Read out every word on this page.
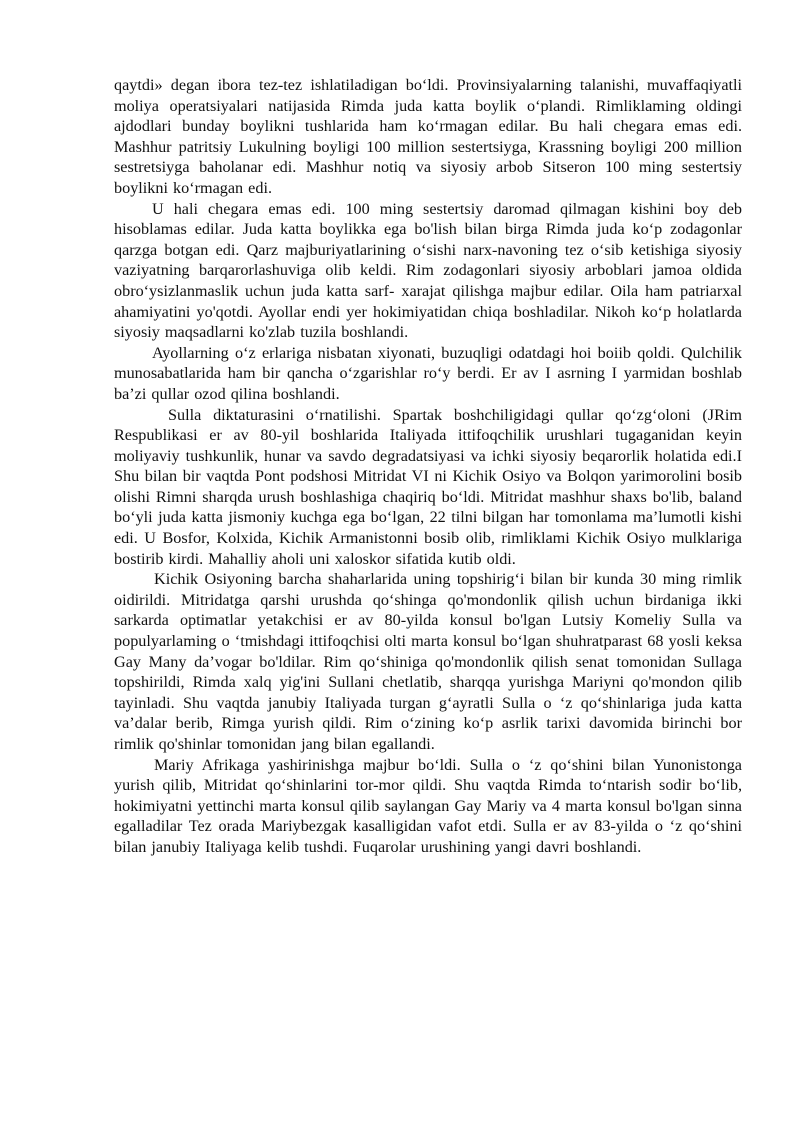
qaytdi» degan ibora tez-tez ishlatiladigan bo‘ldi. Provinsiyalarning talanishi, muvaffaqiyatli moliya operatsiyalari natijasida Rimda juda katta boylik o‘plandi. Rimliklaming oldingi ajdodlari bunday boylikni tushlarida ham ko‘rmagan edilar. Bu hali chegara emas edi. Mashhur patritsiy Lukulning boyligi 100 million sestertsiyga, Krassning boyligi 200 million sestretsiyga baholanar edi. Mashhur notiq va siyosiy arbob Sitseron 100 ming sestertsiy boylikni ko‘rmagan edi.

U hali chegara emas edi. 100 ming sestertsiy daromad qilmagan kishini boy deb hisoblamas edilar. Juda katta boylikka ega bo'lish bilan birga Rimda juda ko‘p zodagonlar qarzga botgan edi. Qarz majburiyatlarining o‘sishi narx-navoning tez o‘sib ketishiga siyosiy vaziyatning barqarorlashuviga olib keldi. Rim zodagonlari siyosiy arboblari jamoa oldida obro‘ysizlanmaslik uchun juda katta sarf- xarajat qilishga majbur edilar. Oila ham patriarxal ahamiyatini yo'qotdi. Ayollar endi yer hokimiyatidan chiqa boshladilar. Nikoh ko‘p holatlarda siyosiy maqsadlarni ko'zlab tuzila boshlandi.

Ayollarning o‘z erlariga nisbatan xiyonati, buzuqligi odatdagi hoi boiib qoldi. Qulchilik munosabatlarida ham bir qancha o‘zgarishlar ro‘y berdi. Er av I asrning I yarmidan boshlab ba’zi qullar ozod qilina boshlandi.

Sulla diktaturasini o‘rnatilishi. Spartak boshchiligidagi qullar qo‘zg‘oloni (JRim Respublikasi er av 80-yil boshlarida Italiyada ittifoqchilik urushlari tugaganidan keyin moliyaviy tushkunlik, hunar va savdo degradatsiyasi va ichki siyosiy beqarorlik holatida edi.I Shu bilan bir vaqtda Pont podshosi Mitridat VI ni Kichik Osiyo va Bolqon yarimorolini bosib olishi Rimni sharqda urush boshlashiga chaqiriq bo‘ldi. Mitridat mashhur shaxs bo'lib, baland bo‘yli juda katta jismoniy kuchga ega bo‘lgan, 22 tilni bilgan har tomonlama ma’lumotli kishi edi. U Bosfor, Kolxida, Kichik Armanistonni bosib olib, rimliklami Kichik Osiyo mulklariga bostirib kirdi. Mahalliy aholi uni xaloskor sifatida kutib oldi.

Kichik Osiyoning barcha shaharlarida uning topshirig‘i bilan bir kunda 30 ming rimlik oidirildi. Mitridatga qarshi urushda qo‘shinga qo'mondonlik qilish uchun birdaniga ikki sarkarda optimatlar yetakchisi er av 80-yilda konsul bo'lgan Lutsiy Komeliy Sulla va populyarlaming o ‘tmishdagi ittifoqchisi olti marta konsul bo‘lgan shuhratparast 68 yosli keksa Gay Many da’vogar bo'ldilar. Rim qo‘shiniga qo'mondonlik qilish senat tomonidan Sullaga topshirildi, Rimda xalq yig'ini Sullani chetlatib, sharqqa yurishga Mariyni qo'mondon qilib tayinladi. Shu vaqtda janubiy Italiyada turgan g‘ayratli Sulla o ‘z qo‘shinlariga juda katta va’dalar berib, Rimga yurish qildi. Rim o‘zining ko‘p asrlik tarixi davomida birinchi bor rimlik qo'shinlar tomonidan jang bilan egallandi.

Mariy Afrikaga yashirinishga majbur bo‘ldi. Sulla o ‘z qo‘shini bilan Yunonistonga yurish qilib, Mitridat qo‘shinlarini tor-mor qildi. Shu vaqtda Rimda to‘ntarish sodir bo‘lib, hokimiyatni yettinchi marta konsul qilib saylangan Gay Mariy va 4 marta konsul bo'lgan sinna egalladilar Tez orada Mariybezgak kasalligidan vafot etdi. Sulla er av 83-yilda o ‘z qo‘shini bilan janubiy Italiyaga kelib tushdi. Fuqarolar urushining yangi davri boshlandi.
